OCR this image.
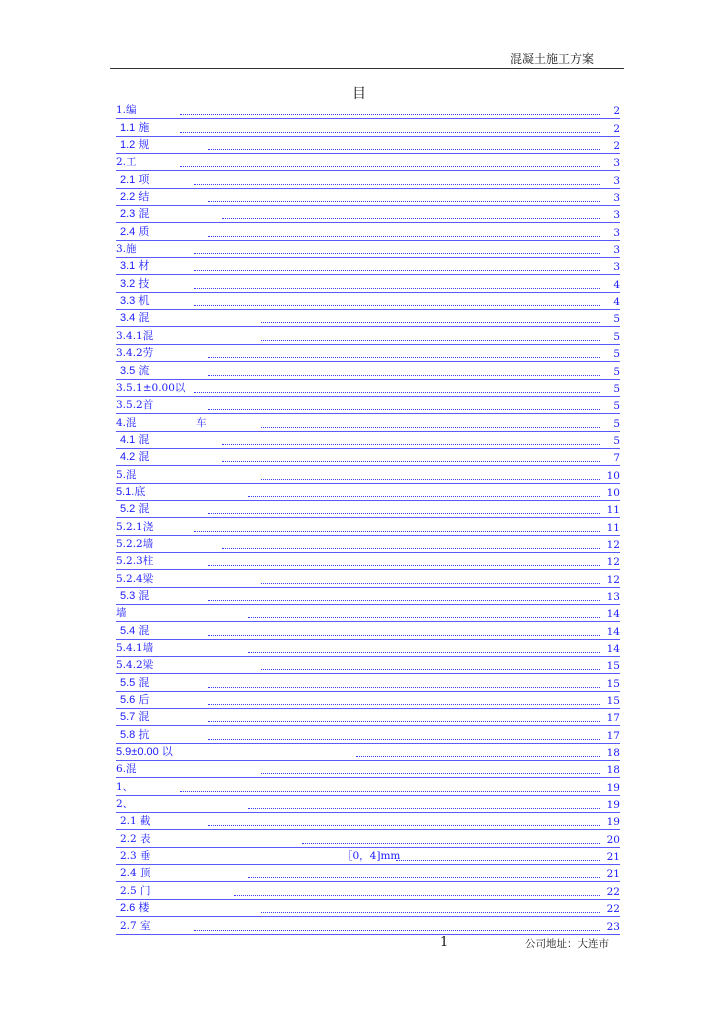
混凝土施工方案
目
1.编	2
1.1 施	2
1.2 规	2
2.工	3
2.1 项	3
2.2 结	3
2.3 混	3
2.4 质	3
3.施	3
3.1 材	3
3.2 技	4
3.3 机	4
3.4 混	5
3.4.1混	5
3.4.2劳	5
3.5 流	5
3.5.1±0.00以	5
3.5.2首	5
4.混	车	5
4.1 混	5
4.2 混	7
5.混	10
5.1.底	10
5.2 混	11
5.2.1浇	11
5.2.2墙	12
5.2.3柱	12
5.2.4梁	12
5.3 混	13
墙	14
5.4 混	14
5.4.1墙	14
5.4.2梁	15
5.5 混	15
5.6 后	15
5.7 混	17
5.8 抗	17
5.9±0.00 以	18
6.混	18
1、	19
2、	19
2.1 截	19
2.2 表	20
2.3 垂	［0，4]mm	21
2.4 顶	21
2.5 门	22
2.6 楼	22
2.7 室	23
1	公司地址：大连市
